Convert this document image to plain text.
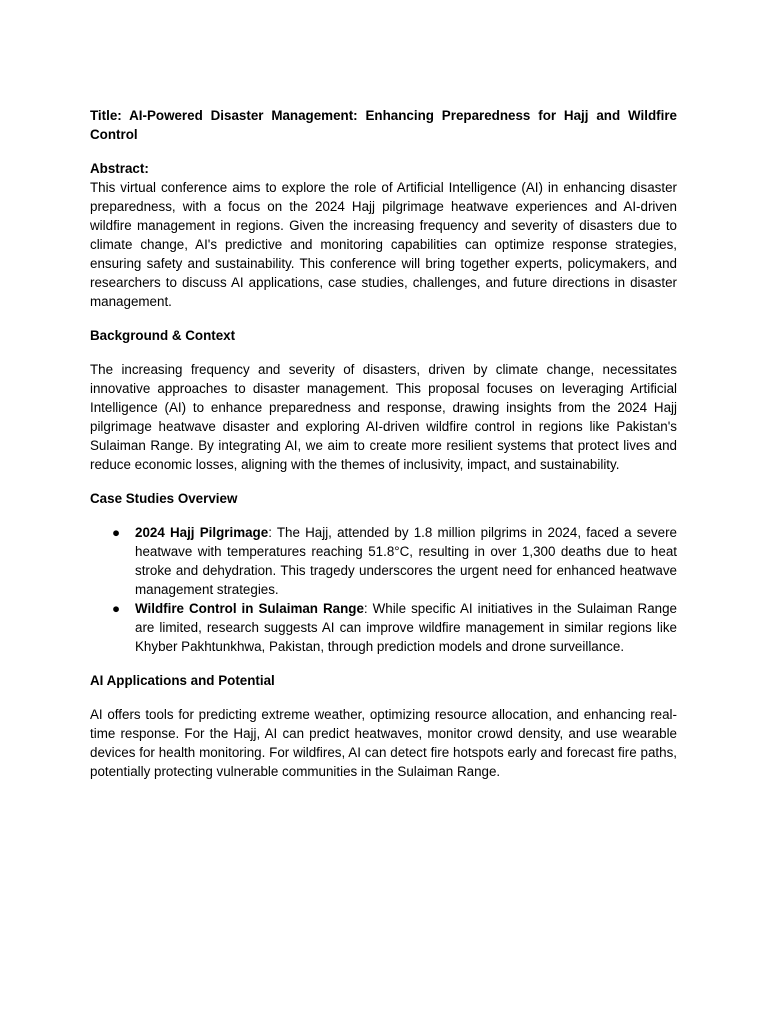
Title: AI-Powered Disaster Management: Enhancing Preparedness for Hajj and Wildfire Control

Abstract:

This virtual conference aims to explore the role of Artificial Intelligence (AI) in enhancing disaster preparedness, with a focus on the 2024 Hajj pilgrimage heatwave experiences and AI-driven wildfire management in regions. Given the increasing frequency and severity of disasters due to climate change, AI's predictive and monitoring capabilities can optimize response strategies, ensuring safety and sustainability. This conference will bring together experts, policymakers, and researchers to discuss AI applications, case studies, challenges, and future directions in disaster management.

Background & Context

The increasing frequency and severity of disasters, driven by climate change, necessitates innovative approaches to disaster management. This proposal focuses on leveraging Artificial Intelligence (AI) to enhance preparedness and response, drawing insights from the 2024 Hajj pilgrimage heatwave disaster and exploring AI-driven wildfire control in regions like Pakistan's Sulaiman Range. By integrating AI, we aim to create more resilient systems that protect lives and reduce economic losses, aligning with the themes of inclusivity, impact, and sustainability.

Case Studies Overview

● 2024 Hajj Pilgrimage: The Hajj, attended by 1.8 million pilgrims in 2024, faced a severe heatwave with temperatures reaching 51.8°C, resulting in over 1,300 deaths due to heat stroke and dehydration. This tragedy underscores the urgent need for enhanced heatwave management strategies.
● Wildfire Control in Sulaiman Range: While specific AI initiatives in the Sulaiman Range are limited, research suggests AI can improve wildfire management in similar regions like Khyber Pakhtunkhwa, Pakistan, through prediction models and drone surveillance.

AI Applications and Potential

AI offers tools for predicting extreme weather, optimizing resource allocation, and enhancing real-time response. For the Hajj, AI can predict heatwaves, monitor crowd density, and use wearable devices for health monitoring. For wildfires, AI can detect fire hotspots early and forecast fire paths, potentially protecting vulnerable communities in the Sulaiman Range.
